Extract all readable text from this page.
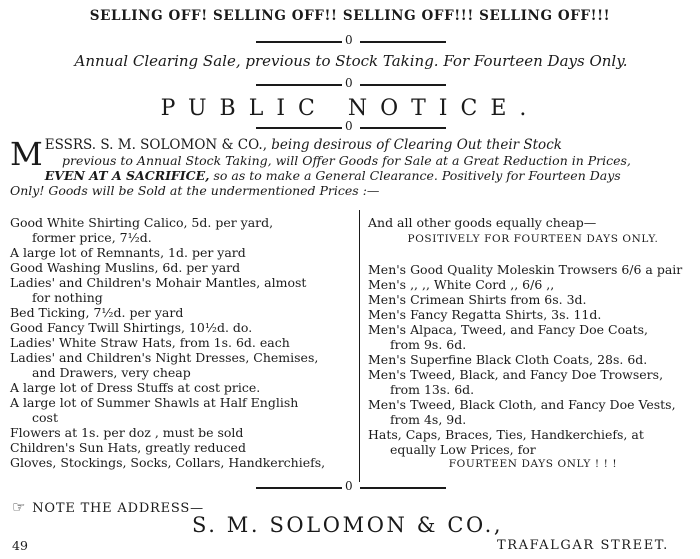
SELLING OFF! SELLING OFF!! SELLING OFF!!! SELLING OFF!!!
0
Annual Clearing Sale, previous to Stock Taking. For Fourteen Days Only.
0
PUBLIC NOTICE.
0
M ESSRS. S. M. SOLOMON & CO., being desirous of Clearing Out their Stock
previous to Annual Stock Taking, will Offer Goods for Sale at a Great Reduction in Prices,
EVEN AT A SACRIFICE, so as to make a General Clearance. Positively for Fourteen Days
Only! Goods will be Sold at the undermentioned Prices :—
Good White Shirting Calico, 5d. per yard,
former price, 7½d.
A large lot of Remnants, 1d. per yard
Good Washing Muslins, 6d. per yard
Ladies' and Children's Mohair Mantles, almost
for nothing
Bed Ticking, 7½d. per yard
Good Fancy Twill Shirtings, 10½d. do.
Ladies' White Straw Hats, from 1s. 6d. each
Ladies' and Children's Night Dresses, Chemises,
and Drawers, very cheap
A large lot of Dress Stuffs at cost price.
A large lot of Summer Shawls at Half English
cost
Flowers at 1s. per doz , must be sold
Children's Sun Hats, greatly reduced
Gloves, Stockings, Socks, Collars, Handkerchiefs,
And all other goods equally cheap—
POSITIVELY FOR FOURTEEN DAYS ONLY.
Men's Good Quality Moleskin Trowsers 6/6 a pair
Men's ,, ,, White Cord ,, 6/6 ,,
Men's Crimean Shirts from 6s. 3d.
Men's Fancy Regatta Shirts, 3s. 11d.
Men's Alpaca, Tweed, and Fancy Doe Coats,
from 9s. 6d.
Men's Superfine Black Cloth Coats, 28s. 6d.
Men's Tweed, Black, and Fancy Doe Trowsers,
from 13s. 6d.
Men's Tweed, Black Cloth, and Fancy Doe Vests,
from 4s, 9d.
Hats, Caps, Braces, Ties, Handkerchiefs, at
equally Low Prices, for
FOURTEEN DAYS ONLY ! ! !
0
☞ NOTE THE ADDRESS—
S. M. SOLOMON & CO.,
49	TRAFALGAR STREET.
